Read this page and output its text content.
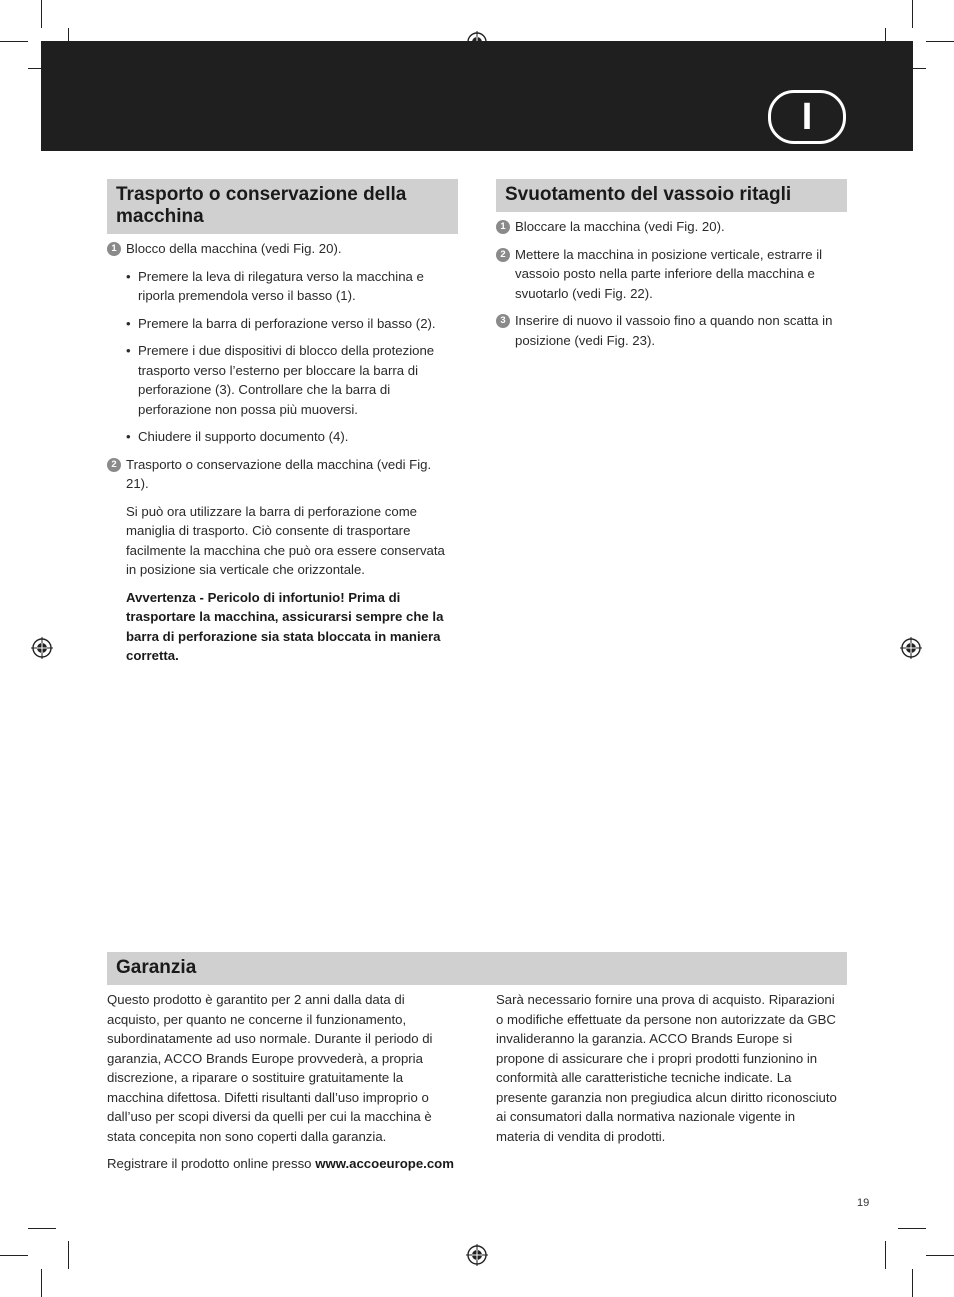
I
Trasporto o conservazione della macchina
1 Blocco della macchina (vedi Fig. 20).
• Premere la leva di rilegatura verso la macchina e riporla premendola verso il basso (1).
• Premere la barra di perforazione verso il basso (2).
• Premere i due dispositivi di blocco della protezione trasporto verso l’esterno per bloccare la barra di perforazione (3). Controllare che la barra di perforazione non possa più muoversi.
• Chiudere il supporto documento (4).
2 Trasporto o conservazione della macchina (vedi Fig. 21).
Si può ora utilizzare la barra di perforazione come maniglia di trasporto. Ciò consente di trasportare facilmente la macchina che può ora essere conservata in posizione sia verticale che orizzontale.
Avvertenza - Pericolo di infortunio! Prima di trasportare la macchina, assicurarsi sempre che la barra di perforazione sia stata bloccata in maniera corretta.
Svuotamento del vassoio ritagli
1 Bloccare la macchina (vedi Fig. 20).
2 Mettere la macchina in posizione verticale, estrarre il vassoio posto nella parte inferiore della macchina e svuotarlo (vedi Fig. 22).
3 Inserire di nuovo il vassoio fino a quando non scatta in posizione (vedi Fig. 23).
Garanzia
Questo prodotto è garantito per 2 anni dalla data di acquisto, per quanto ne concerne il funzionamento, subordinatamente ad uso normale. Durante il periodo di garanzia, ACCO Brands Europe provvederà, a propria discrezione, a riparare o sostituire gratuitamente la macchina difettosa. Difetti risultanti dall’uso improprio o dall’uso per scopi diversi da quelli per cui la macchina è stata concepita non sono coperti dalla garanzia.
Registrare il prodotto online presso www.accoeurope.com
Sarà necessario fornire una prova di acquisto. Riparazioni o modifiche effettuate da persone non autorizzate da GBC invalideranno la garanzia. ACCO Brands Europe si propone di assicurare che i propri prodotti funzionino in conformità alle caratteristiche tecniche indicate. La presente garanzia non pregiudica alcun diritto riconosciuto ai consumatori dalla normativa nazionale vigente in materia di vendita di prodotti.
19
